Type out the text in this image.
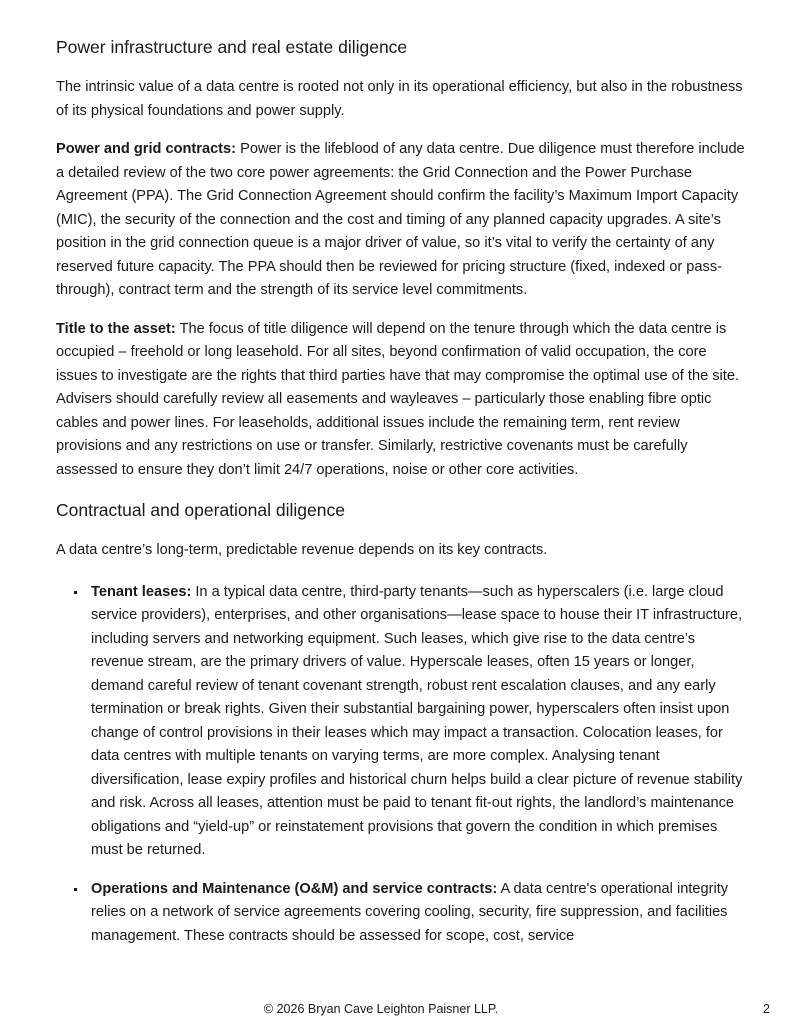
Power infrastructure and real estate diligence

The intrinsic value of a data centre is rooted not only in its operational efficiency, but also in the robustness of its physical foundations and power supply.

Power and grid contracts: Power is the lifeblood of any data centre. Due diligence must therefore include a detailed review of the two core power agreements: the Grid Connection and the Power Purchase Agreement (PPA). The Grid Connection Agreement should confirm the facility’s Maximum Import Capacity (MIC), the security of the connection and the cost and timing of any planned capacity upgrades. A site’s position in the grid connection queue is a major driver of value, so it’s vital to verify the certainty of any reserved future capacity. The PPA should then be reviewed for pricing structure (fixed, indexed or pass-through), contract term and the strength of its service level commitments.

Title to the asset: The focus of title diligence will depend on the tenure through which the data centre is occupied – freehold or long leasehold. For all sites, beyond confirmation of valid occupation, the core issues to investigate are the rights that third parties have that may compromise the optimal use of the site. Advisers should carefully review all easements and wayleaves – particularly those enabling fibre optic cables and power lines. For leaseholds, additional issues include the remaining term, rent review provisions and any restrictions on use or transfer. Similarly, restrictive covenants must be carefully assessed to ensure they don’t limit 24/7 operations, noise or other core activities.

Contractual and operational diligence

A data centre’s long-term, predictable revenue depends on its key contracts.

Tenant leases: In a typical data centre, third-party tenants—such as hyperscalers (i.e. large cloud service providers), enterprises, and other organisations—lease space to house their IT infrastructure, including servers and networking equipment. Such leases, which give rise to the data centre’s revenue stream, are the primary drivers of value. Hyperscale leases, often 15 years or longer, demand careful review of tenant covenant strength, robust rent escalation clauses, and any early termination or break rights. Given their substantial bargaining power, hyperscalers often insist upon change of control provisions in their leases which may impact a transaction. Colocation leases, for data centres with multiple tenants on varying terms, are more complex. Analysing tenant diversification, lease expiry profiles and historical churn helps build a clear picture of revenue stability and risk. Across all leases, attention must be paid to tenant fit-out rights, the landlord’s maintenance obligations and “yield-up” or reinstatement provisions that govern the condition in which premises must be returned.
Operations and Maintenance (O&M) and service contracts: A data centre's operational integrity relies on a network of service agreements covering cooling, security, fire suppression, and facilities management. These contracts should be assessed for scope, cost, service
© 2026 Bryan Cave Leighton Paisner LLP.	2
